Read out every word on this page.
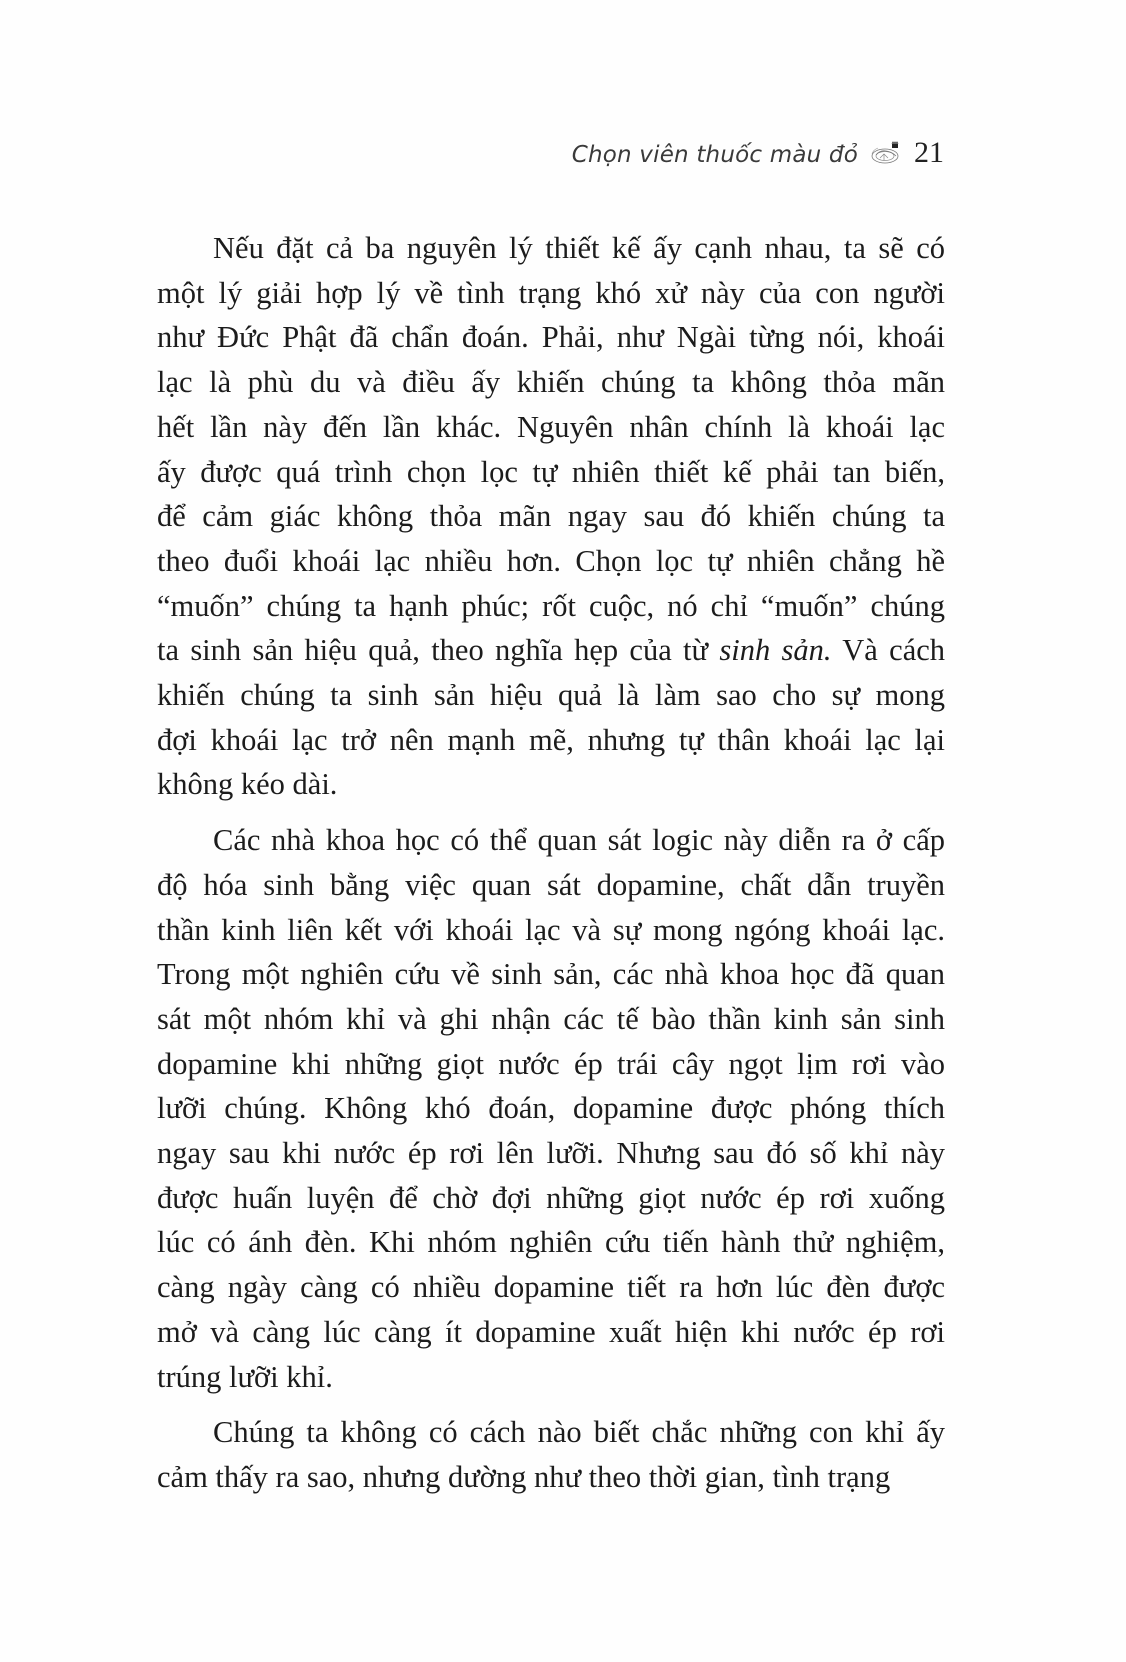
Chọn viên thuốc màu đỏ 21
Nếu đặt cả ba nguyên lý thiết kế ấy cạnh nhau, ta sẽ có
một lý giải hợp lý về tình trạng khó xử này của con người
như Đức Phật đã chẩn đoán. Phải, như Ngài từng nói, khoái
lạc là phù du và điều ấy khiến chúng ta không thỏa mãn
hết lần này đến lần khác. Nguyên nhân chính là khoái lạc
ấy được quá trình chọn lọc tự nhiên thiết kế phải tan biến,
để cảm giác không thỏa mãn ngay sau đó khiến chúng ta
theo đuổi khoái lạc nhiều hơn. Chọn lọc tự nhiên chẳng hề
“muốn” chúng ta hạnh phúc; rốt cuộc, nó chỉ “muốn” chúng
ta sinh sản hiệu quả, theo nghĩa hẹp của từ sinh sản. Và cách
khiến chúng ta sinh sản hiệu quả là làm sao cho sự mong
đợi khoái lạc trở nên mạnh mẽ, nhưng tự thân khoái lạc lại
không kéo dài.
Các nhà khoa học có thể quan sát logic này diễn ra ở cấp
độ hóa sinh bằng việc quan sát dopamine, chất dẫn truyền
thần kinh liên kết với khoái lạc và sự mong ngóng khoái lạc.
Trong một nghiên cứu về sinh sản, các nhà khoa học đã quan
sát một nhóm khỉ và ghi nhận các tế bào thần kinh sản sinh
dopamine khi những giọt nước ép trái cây ngọt lịm rơi vào
lưỡi chúng. Không khó đoán, dopamine được phóng thích
ngay sau khi nước ép rơi lên lưỡi. Nhưng sau đó số khỉ này
được huấn luyện để chờ đợi những giọt nước ép rơi xuống
lúc có ánh đèn. Khi nhóm nghiên cứu tiến hành thử nghiệm,
càng ngày càng có nhiều dopamine tiết ra hơn lúc đèn được
mở và càng lúc càng ít dopamine xuất hiện khi nước ép rơi
trúng lưỡi khỉ.
Chúng ta không có cách nào biết chắc những con khỉ ấy
cảm thấy ra sao, nhưng dường như theo thời gian, tình trạng
